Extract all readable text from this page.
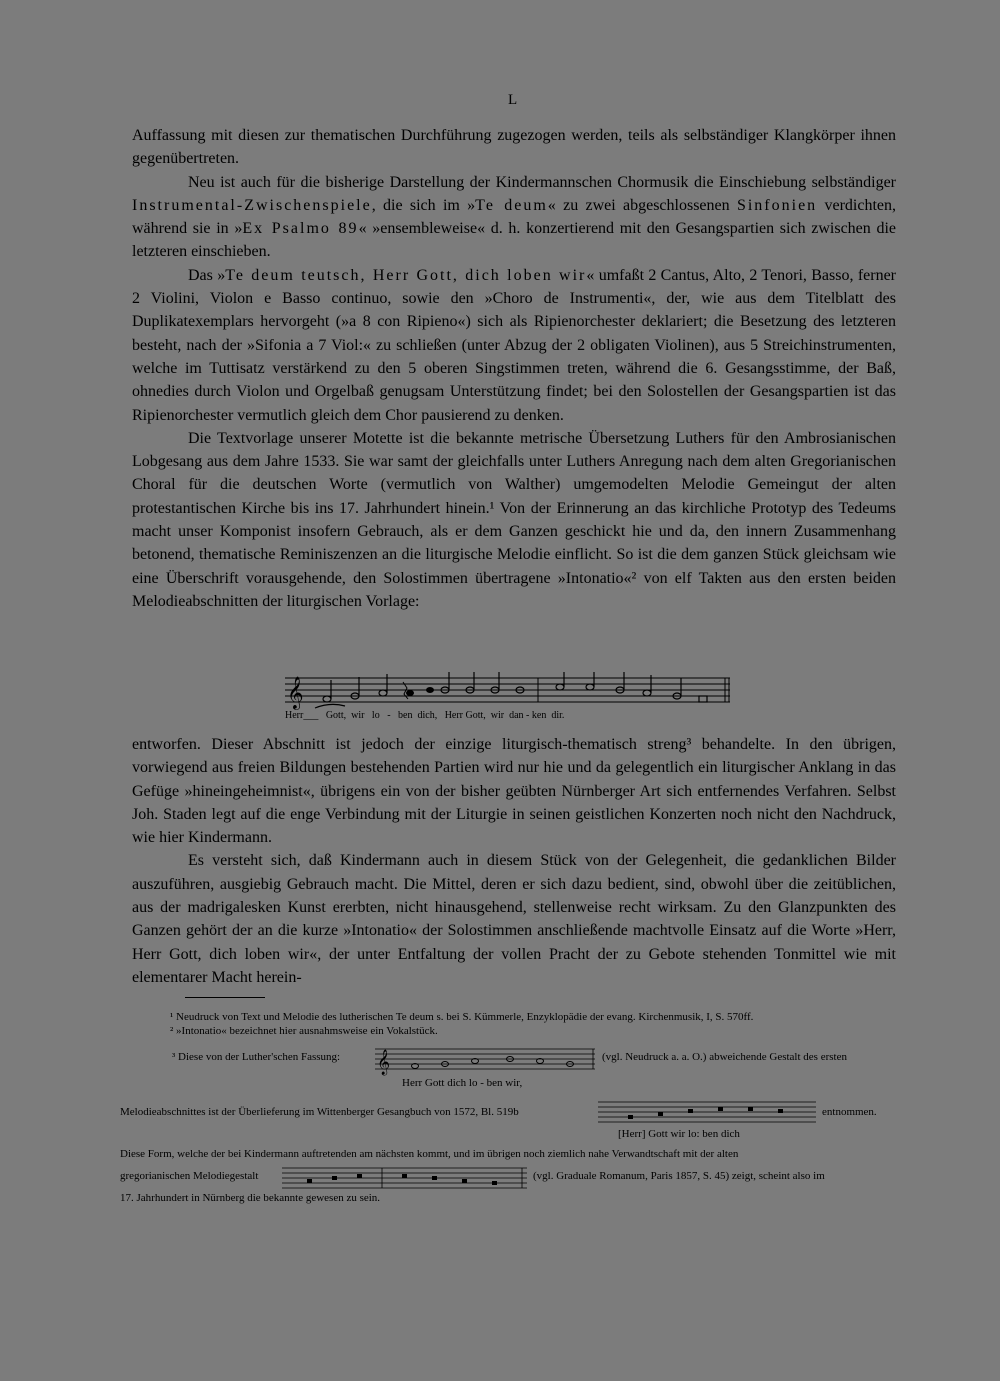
L

Auffassung mit diesen zur thematischen Durchführung zugezogen werden, teils als selbständiger Klangkörper ihnen gegenübertreten.

Neu ist auch für die bisherige Darstellung der Kindermannschen Chormusik die Einschiebung selbständiger Instrumental-Zwischenspiele, die sich im »Te deum« zu zwei abgeschlossenen Sinfonien verdichten, während sie in »Ex Psalmo 89« »ensembleweise« d. h. konzertierend mit den Gesangspartien sich zwischen die letzteren einschieben.

Das »Te deum teutsch, Herr Gott, dich loben wir« umfaßt 2 Cantus, Alto, 2 Tenori, Basso, ferner 2 Violini, Violon e Basso continuo, sowie den »Choro de Instrumenti«, der, wie aus dem Titelblatt des Duplikatexemplars hervorgeht (»a 8 con Ripieno«) sich als Ripienorchester deklariert; die Besetzung des letzteren besteht, nach der »Sifonia a 7 Viol:« zu schließen (unter Abzug der 2 obligaten Violinen), aus 5 Streichinstrumenten, welche im Tuttisatz verstärkend zu den 5 oberen Singstimmen treten, während die 6. Gesangsstimme, der Baß, ohnedies durch Violon und Orgelbaß genugsam Unterstützung findet; bei den Solostellen der Gesangspartien ist das Ripienorchester vermutlich gleich dem Chor pausierend zu denken.

Die Textvorlage unserer Motette ist die bekannte metrische Übersetzung Luthers für den Ambrosianischen Lobgesang aus dem Jahre 1533. Sie war samt der gleichfalls unter Luthers Anregung nach dem alten Gregorianischen Choral für die deutschen Worte (vermutlich von Walther) umgemodelten Melodie Gemeingut der alten protestantischen Kirche bis ins 17. Jahrhundert hinein.¹ Von der Erinnerung an das kirchliche Prototyp des Tedeums macht unser Komponist insofern Gebrauch, als er dem Ganzen geschickt hie und da, den innern Zusammenhang betonend, thematische Reminiszenzen an die liturgische Melodie einflicht. So ist die dem ganzen Stück gleichsam wie eine Überschrift vorausgehende, den Solostimmen übertragene »Intonatio«² von elf Takten aus den ersten beiden Melodieabschnitten der liturgischen Vorlage:

𝄞
Herr___   Gott,  wir   lo   -   ben  dich,   Herr Gott,  wir  dan - ken  dir.

entworfen. Dieser Abschnitt ist jedoch der einzige liturgisch-thematisch streng³ behandelte. In den übrigen, vorwiegend aus freien Bildungen bestehenden Partien wird nur hie und da gelegentlich ein liturgischer Anklang in das Gefüge »hineingeheimnist«, übrigens ein von der bisher geübten Nürnberger Art sich entfernendes Verfahren. Selbst Joh. Staden legt auf die enge Verbindung mit der Liturgie in seinen geistlichen Konzerten noch nicht den Nachdruck, wie hier Kindermann.

Es versteht sich, daß Kindermann auch in diesem Stück von der Gelegenheit, die gedanklichen Bilder auszuführen, ausgiebig Gebrauch macht. Die Mittel, deren er sich dazu bedient, sind, obwohl über die zeitüblichen, aus der madrigalesken Kunst ererbten, nicht hinausgehend, stellenweise recht wirksam. Zu den Glanzpunkten des Ganzen gehört der an die kurze »Intonatio« der Solostimmen anschließende machtvolle Einsatz auf die Worte »Herr, Herr Gott, dich loben wir«, der unter Entfaltung der vollen Pracht der zu Gebote stehenden Tonmittel wie mit elementarer Macht herein-

¹ Neudruck von Text und Melodie des lutherischen Te deum s. bei S. Kümmerle, Enzyklopädie der evang. Kirchenmusik, I, S. 570ff.

² »Intonatio« bezeichnet hier ausnahmsweise ein Vokalstück.

³ Diese von der Luther'schen Fassung: 𝄞	(vgl. Neudruck a. a. O.) abweichende Gestalt des ersten
Herr Gott dich lo - ben wir,
Melodieabschnittes ist der Überlieferung im Wittenberger Gesangbuch von 1572, Bl. 519b	entnommen.
[Herr] Gott wir lo: ben dich
Diese Form, welche der bei Kindermann auftretenden am nächsten kommt, und im übrigen noch ziemlich nahe Verwandtschaft mit der alten
gregorianischen Melodiegestalt	(vgl. Graduale Romanum, Paris 1857, S. 45) zeigt, scheint also im
17. Jahrhundert in Nürnberg die bekannte gewesen zu sein.
